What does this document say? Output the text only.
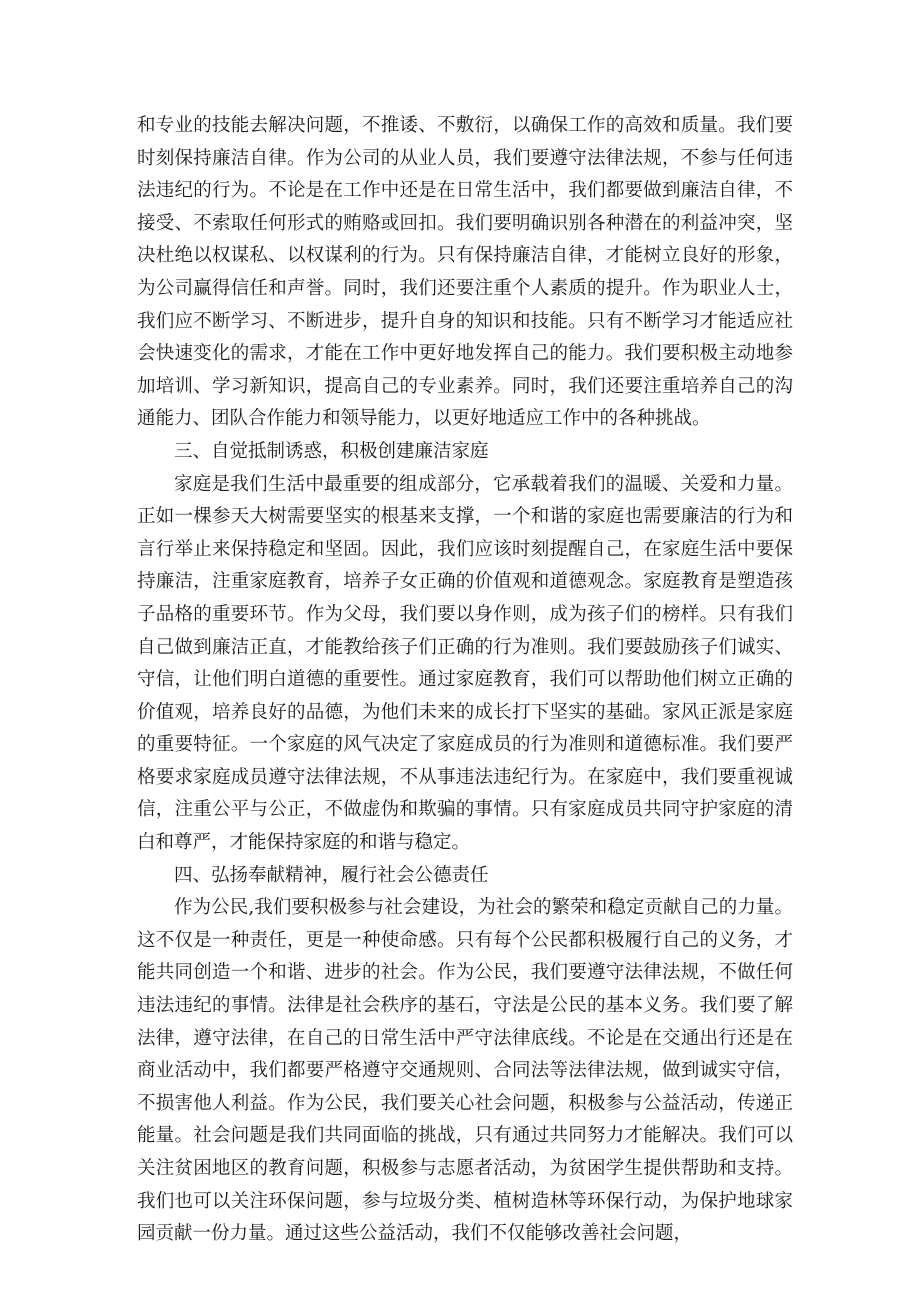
和专业的技能去解决问题，不推诿、不敷衍，以确保工作的高效和质量。我们要时刻保持廉洁自律。作为公司的从业人员，我们要遵守法律法规，不参与任何违法违纪的行为。不论是在工作中还是在日常生活中，我们都要做到廉洁自律，不接受、不索取任何形式的贿赂或回扣。我们要明确识别各种潜在的利益冲突，坚决杜绝以权谋私、以权谋利的行为。只有保持廉洁自律，才能树立良好的形象，为公司赢得信任和声誉。同时，我们还要注重个人素质的提升。作为职业人士，我们应不断学习、不断进步，提升自身的知识和技能。只有不断学习才能适应社会快速变化的需求，才能在工作中更好地发挥自己的能力。我们要积极主动地参加培训、学习新知识，提高自己的专业素养。同时，我们还要注重培养自己的沟通能力、团队合作能力和领导能力，以更好地适应工作中的各种挑战。

三、自觉抵制诱惑，积极创建廉洁家庭

家庭是我们生活中最重要的组成部分，它承载着我们的温暖、关爱和力量。正如一棵参天大树需要坚实的根基来支撑，一个和谐的家庭也需要廉洁的行为和言行举止来保持稳定和坚固。因此，我们应该时刻提醒自己，在家庭生活中要保持廉洁，注重家庭教育，培养子女正确的价值观和道德观念。家庭教育是塑造孩子品格的重要环节。作为父母，我们要以身作则，成为孩子们的榜样。只有我们自己做到廉洁正直，才能教给孩子们正确的行为准则。我们要鼓励孩子们诚实、守信，让他们明白道德的重要性。通过家庭教育，我们可以帮助他们树立正确的价值观，培养良好的品德，为他们未来的成长打下坚实的基础。家风正派是家庭的重要特征。一个家庭的风气决定了家庭成员的行为准则和道德标准。我们要严格要求家庭成员遵守法律法规，不从事违法违纪行为。在家庭中，我们要重视诚信，注重公平与公正，不做虚伪和欺骗的事情。只有家庭成员共同守护家庭的清白和尊严，才能保持家庭的和谐与稳定。

四、弘扬奉献精神，履行社会公德责任

作为公民,我们要积极参与社会建设，为社会的繁荣和稳定贡献自己的力量。这不仅是一种责任，更是一种使命感。只有每个公民都积极履行自己的义务，才能共同创造一个和谐、进步的社会。作为公民，我们要遵守法律法规，不做任何违法违纪的事情。法律是社会秩序的基石，守法是公民的基本义务。我们要了解法律，遵守法律，在自己的日常生活中严守法律底线。不论是在交通出行还是在商业活动中，我们都要严格遵守交通规则、合同法等法律法规，做到诚实守信，不损害他人利益。作为公民，我们要关心社会问题，积极参与公益活动，传递正能量。社会问题是我们共同面临的挑战，只有通过共同努力才能解决。我们可以关注贫困地区的教育问题，积极参与志愿者活动，为贫困学生提供帮助和支持。我们也可以关注环保问题，参与垃圾分类、植树造林等环保行动，为保护地球家园贡献一份力量。通过这些公益活动，我们不仅能够改善社会问题，
